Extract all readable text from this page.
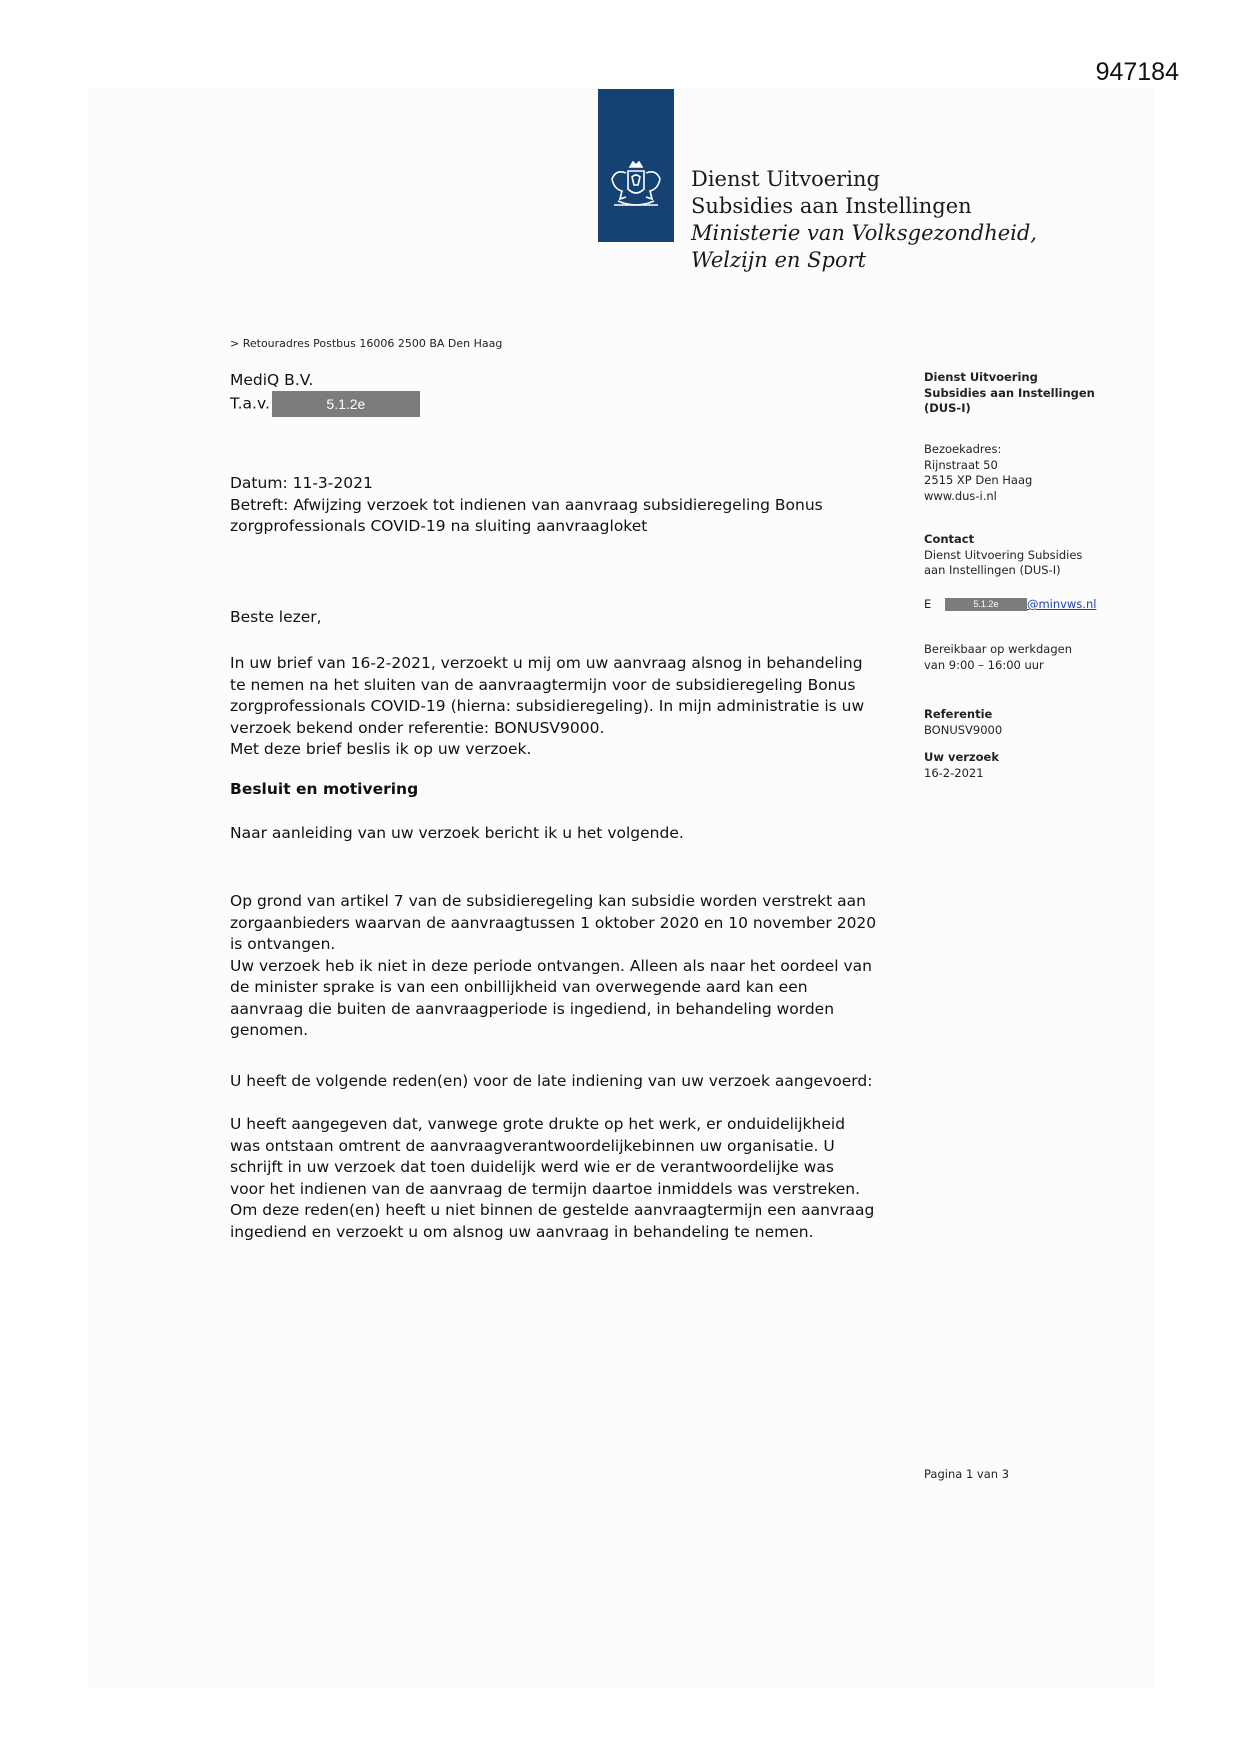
947184
Dienst Uitvoering
Subsidies aan Instellingen
Ministerie van Volksgezondheid,
Welzijn en Sport
> Retouradres Postbus 16006 2500 BA Den Haag
MediQ B.V.
T.a.v.	5.1.2e

Datum: 11-3-2021

Betreft: Afwijzing verzoek tot indienen van aanvraag subsidieregeling Bonus

zorgprofessionals COVID-19 na sluiting aanvraagloket

Beste lezer,

In uw brief van 16-2-2021, verzoekt u mij om uw aanvraag alsnog in behandeling

te nemen na het sluiten van de aanvraagtermijn voor de subsidieregeling Bonus

zorgprofessionals COVID-19 (hierna: subsidieregeling). In mijn administratie is uw

verzoek bekend onder referentie: BONUSV9000.

Met deze brief beslis ik op uw verzoek.

Besluit en motivering
Naar aanleiding van uw verzoek bericht ik u het volgende.

Op grond van artikel 7 van de subsidieregeling kan subsidie worden verstrekt aan

zorgaanbieders waarvan de aanvraagtussen 1 oktober 2020 en 10 november 2020

is ontvangen.

Uw verzoek heb ik niet in deze periode ontvangen. Alleen als naar het oordeel van

de minister sprake is van een onbillijkheid van overwegende aard kan een

aanvraag die buiten de aanvraagperiode is ingediend, in behandeling worden

genomen.

U heeft de volgende reden(en) voor de late indiening van uw verzoek aangevoerd:

U heeft aangegeven dat, vanwege grote drukte op het werk, er onduidelijkheid

was ontstaan omtrent de aanvraagverantwoordelijkebinnen uw organisatie. U

schrijft in uw verzoek dat toen duidelijk werd wie er de verantwoordelijke was

voor het indienen van de aanvraag de termijn daartoe inmiddels was verstreken.

Om deze reden(en) heeft u niet binnen de gestelde aanvraagtermijn een aanvraag

ingediend en verzoekt u om alsnog uw aanvraag in behandeling te nemen.

Dienst Uitvoering
Subsidies aan Instellingen
(DUS-I)
Bezoekadres:
Rijnstraat 50
2515 XP Den Haag
www.dus-i.nl
Contact
Dienst Uitvoering Subsidies
aan Instellingen (DUS-I)
E	5.1.2e @minvws.nl
Bereikbaar op werkdagen
van 9:00 – 16:00 uur
Referentie
BONUSV9000
Uw verzoek
16-2-2021
Pagina 1 van 3
